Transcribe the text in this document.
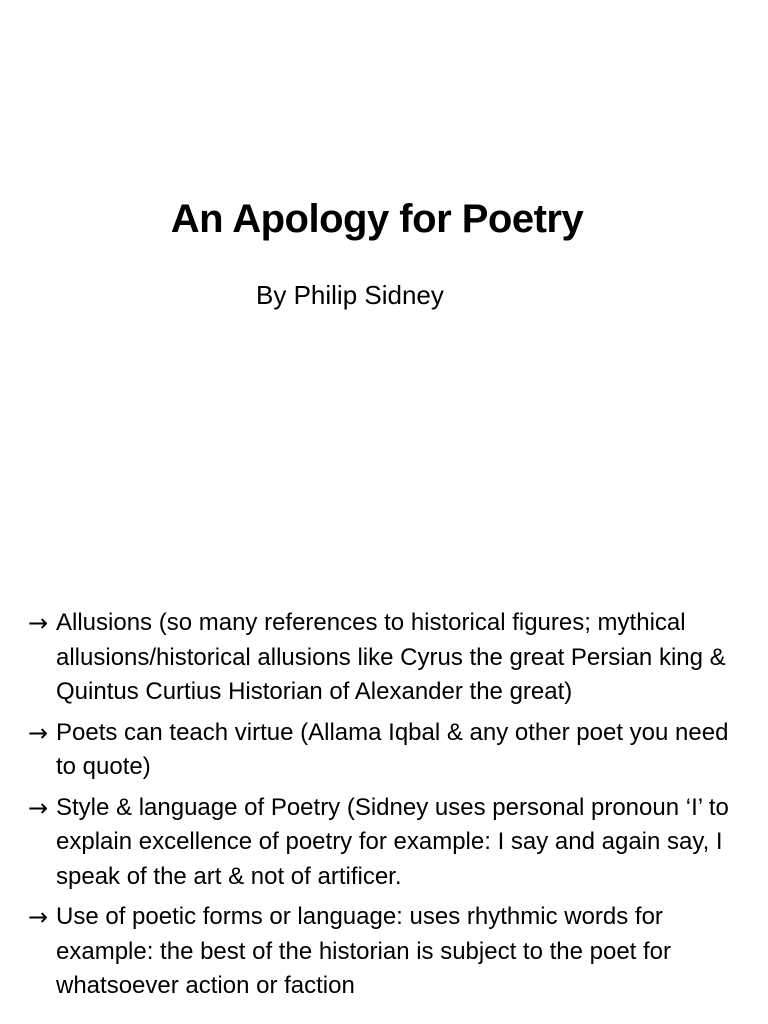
An Apology for Poetry
By Philip Sidney
→ Allusions (so many references to historical figures; mythical allusions/historical allusions like Cyrus the great Persian king & Quintus Curtius Historian of Alexander the great)
→ Poets can teach virtue (Allama Iqbal & any other poet you need to quote)
→ Style & language of Poetry (Sidney uses personal pronoun ‘I’ to explain excellence of poetry for example: I say and again say, I speak of the art & not of artificer.
→ Use of poetic forms or language: uses rhythmic words for example: the best of the historian is subject to the poet for whatsoever action or faction
